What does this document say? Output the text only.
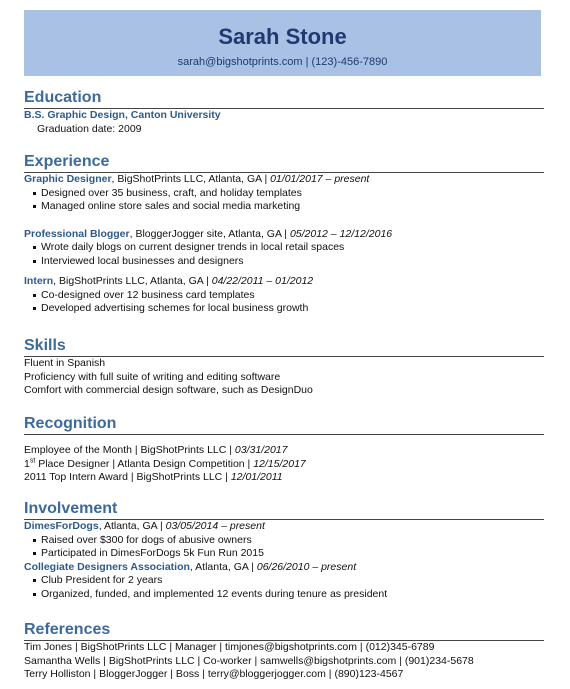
Sarah Stone
sarah@bigshotprints.com | (123)-456-7890
Education
B.S. Graphic Design, Canton University
Graduation date: 2009
Experience
Graphic Designer, BigShotPrints LLC, Atlanta, GA | 01/01/2017 – present
Designed over 35 business, craft, and holiday templates
Managed online store sales and social media marketing
Professional Blogger, BloggerJogger site, Atlanta, GA | 05/2012 – 12/12/2016
Wrote daily blogs on current designer trends in local retail spaces
Interviewed local businesses and designers
Intern, BigShotPrints LLC, Atlanta, GA | 04/22/2011 – 01/2012
Co-designed over 12 business card templates
Developed advertising schemes for local business growth
Skills
Fluent in Spanish
Proficiency with full suite of writing and editing software
Comfort with commercial design software, such as DesignDuo
Recognition
Employee of the Month | BigShotPrints LLC | 03/31/2017
1st Place Designer | Atlanta Design Competition | 12/15/2017
2011 Top Intern Award | BigShotPrints LLC | 12/01/2011
Involvement
DimesForDogs, Atlanta, GA | 03/05/2014 – present
Raised over $300 for dogs of abusive owners
Participated in DimesForDogs 5k Fun Run 2015
Collegiate Designers Association, Atlanta, GA | 06/26/2010 – present
Club President for 2 years
Organized, funded, and implemented 12 events during tenure as president
References
Tim Jones | BigShotPrints LLC | Manager | timjones@bigshotprints.com | (012)345-6789
Samantha Wells | BigShotPrints LLC | Co-worker | samwells@bigshotprints.com | (901)234-5678
Terry Holliston | BloggerJogger | Boss | terry@bloggerjogger.com | (890)123-4567
